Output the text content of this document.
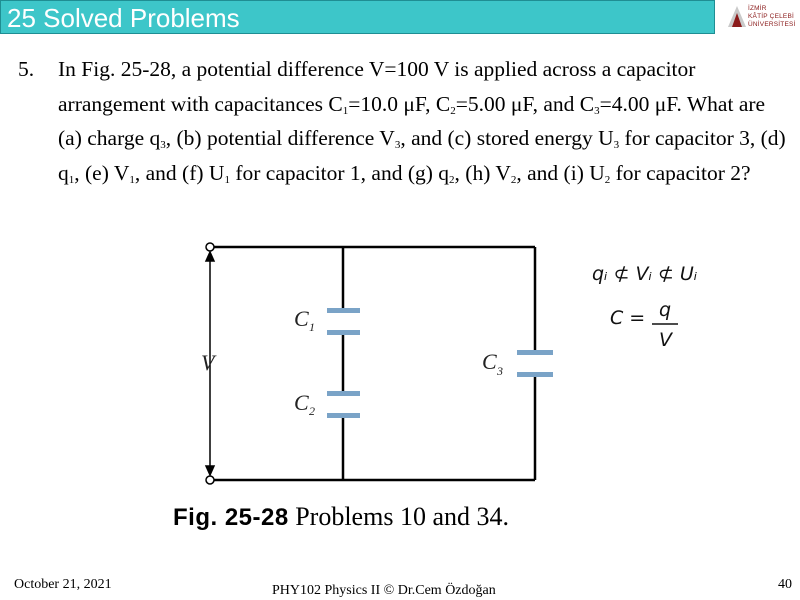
25 Solved Problems	İZMİR
KÂTİP ÇELEBİ
ÜNİVERSİTESİ
5. In Fig. 25-28, a potential difference V=100 V is applied across a capacitor arrangement with capacitances $C_1=10.0$ μF, $C_2=5.00$ μF, and $C_3=4.00$ μF. What are (a) charge $q_3$, (b) potential difference $V_3$, and (c) stored energy $U_3$ for capacitor 3, (d) $q_1$, (e) $V_1$, and (f) $U_1$ for capacitor 1, and (g) $q_2$, (h) $V_2$, and (i) $U_2$ for capacitor 2?
C 1
C 2
C 3
V
Fig. 25-28 Problems 10 and 34.
qᵢ ⊄ Vᵢ ⊄ Uᵢ
C = q
V
October 21, 2021	PHY102 Physics II © Dr.Cem Özdoğan	40
